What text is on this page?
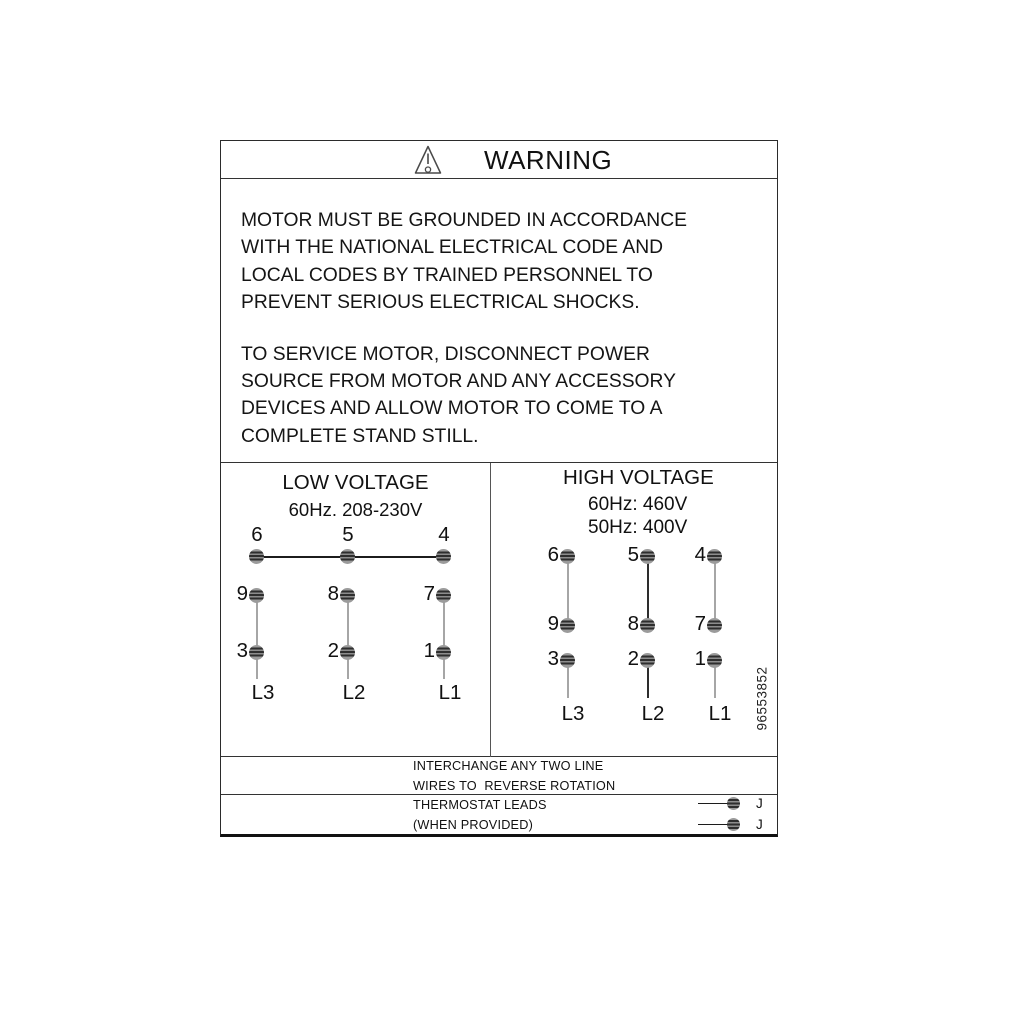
WARNING
MOTOR MUST BE GROUNDED IN ACCORDANCE
WITH THE NATIONAL ELECTRICAL CODE AND
LOCAL CODES BY TRAINED PERSONNEL TO
PREVENT SERIOUS ELECTRICAL SHOCKS.
TO SERVICE MOTOR, DISCONNECT POWER
SOURCE FROM MOTOR AND ANY ACCESSORY
DEVICES AND ALLOW MOTOR TO COME TO A
COMPLETE STAND STILL.
LOW VOLTAGE
60Hz. 208-230V
6	5	4
9	8	7
3	2	1
L3	L2	L1
HIGH VOLTAGE
60Hz: 460V
50Hz: 400V
6	5	4
9	8	7
3	2	1
L3	L2	L1	96553852
INTERCHANGE ANY TWO LINE
WIRES TO  REVERSE ROTATION
THERMOSTAT LEADS
(WHEN PROVIDED)
J
J
